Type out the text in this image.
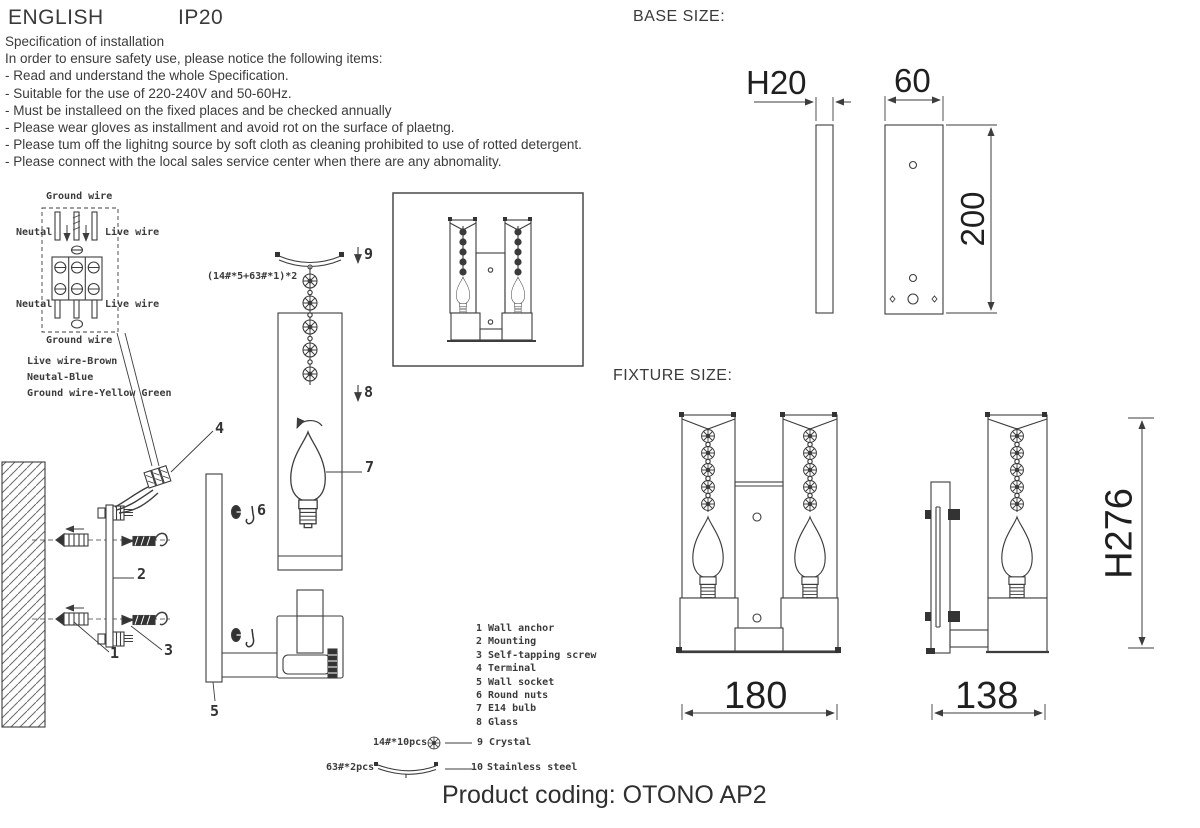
ENGLISH	IP20	BASE SIZE:
Specification of installation
In order to ensure safety use, please notice the following items:
- Read and understand the whole Specification.
- Suitable for the use of 220-240V and 50-60Hz.
- Must be installeed on the fixed places and be checked annually
- Please wear gloves as installment and avoid rot on the surface of plaetng.
- Please tum off the lighitng source by soft cloth as cleaning prohibited to use of rotted detergent.
- Please connect with the local sales service center when there are any abnomality.
Ground wire
Neutal	Live wire
Neutal	Live wire
Ground wire
Live wire-Brown
Neutal-Blue
Ground wire-Yellow Green
(14#*5+63#*1)*2
9
8
7
6
4
2
1	3
5
1 Wall anchor
2 Mounting
3 Self-tapping screw
4 Terminal
5 Wall socket
6 Round nuts
7 E14 bulb
8 Glass
14#*10pcs	9 Crystal
63#*2pcs	10 Stainless steel
H20	60
200
FIXTURE SIZE:
180	138
H276
Product coding: OTONO AP2
